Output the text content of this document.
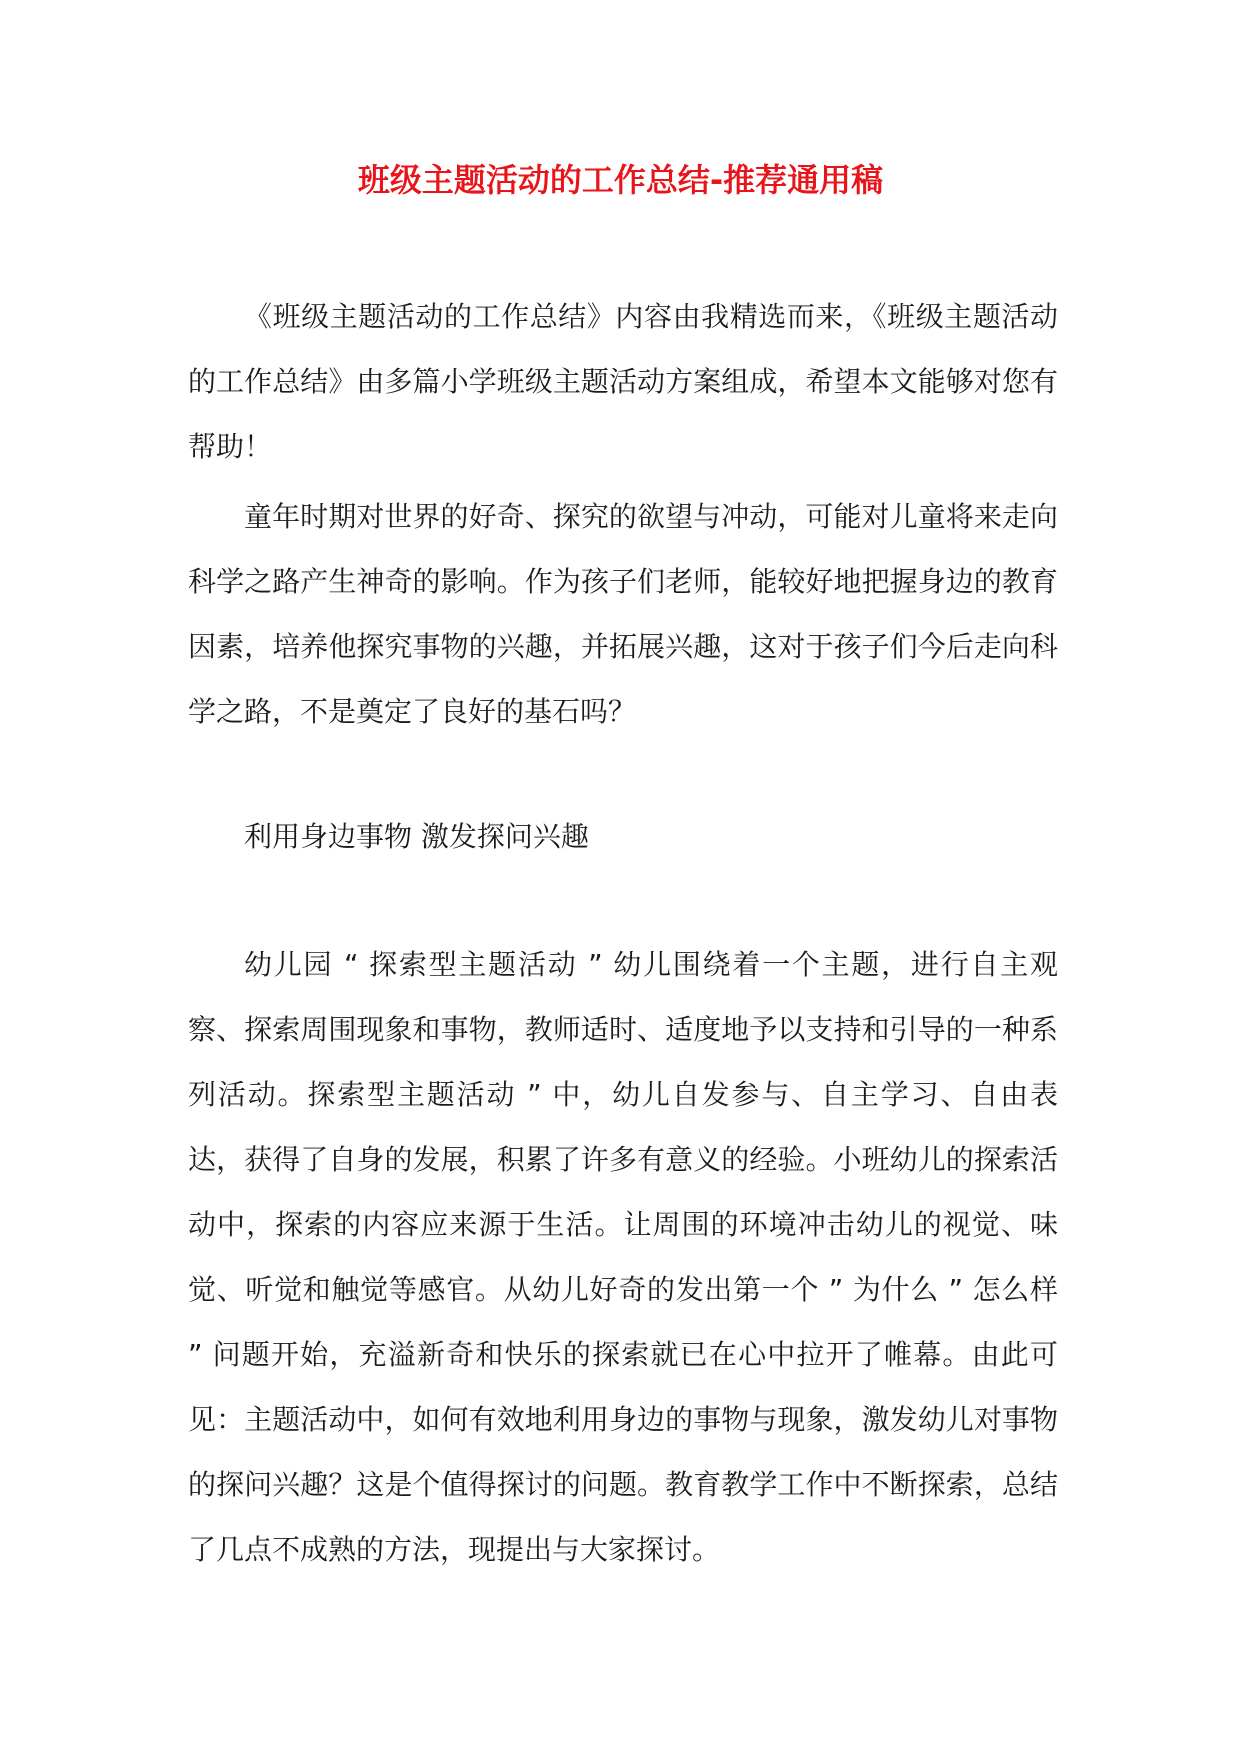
班级主题活动的工作总结-推荐通用稿

《班级主题活动的工作总结》内容由我精选而来，《班级主题活动的工作总结》由多篇小学班级主题活动方案组成，希望本文能够对您有帮助！

童年时期对世界的好奇、探究的欲望与冲动，可能对儿童将来走向科学之路产生神奇的影响。作为孩子们老师，能较好地把握身边的教育因素，培养他探究事物的兴趣，并拓展兴趣，这对于孩子们今后走向科学之路，不是奠定了良好的基石吗？

利用身边事物 激发探问兴趣

幼儿园 “ 探索型主题活动 ” 幼儿围绕着一个主题，进行自主观察、探索周围现象和事物，教师适时、适度地予以支持和引导的一种系列活动。探索型主题活动 ” 中，幼儿自发参与、自主学习、自由表达，获得了自身的发展，积累了许多有意义的经验。小班幼儿的探索活动中，探索的内容应来源于生活。让周围的环境冲击幼儿的视觉、味觉、听觉和触觉等感官。从幼儿好奇的发出第一个 ” 为什么 ” 怎么样 ” 问题开始，充溢新奇和快乐的探索就已在心中拉开了帷幕。由此可见：主题活动中，如何有效地利用身边的事物与现象，激发幼儿对事物的探问兴趣？这是个值得探讨的问题。教育教学工作中不断探索，总结了几点不成熟的方法，现提出与大家探讨。
